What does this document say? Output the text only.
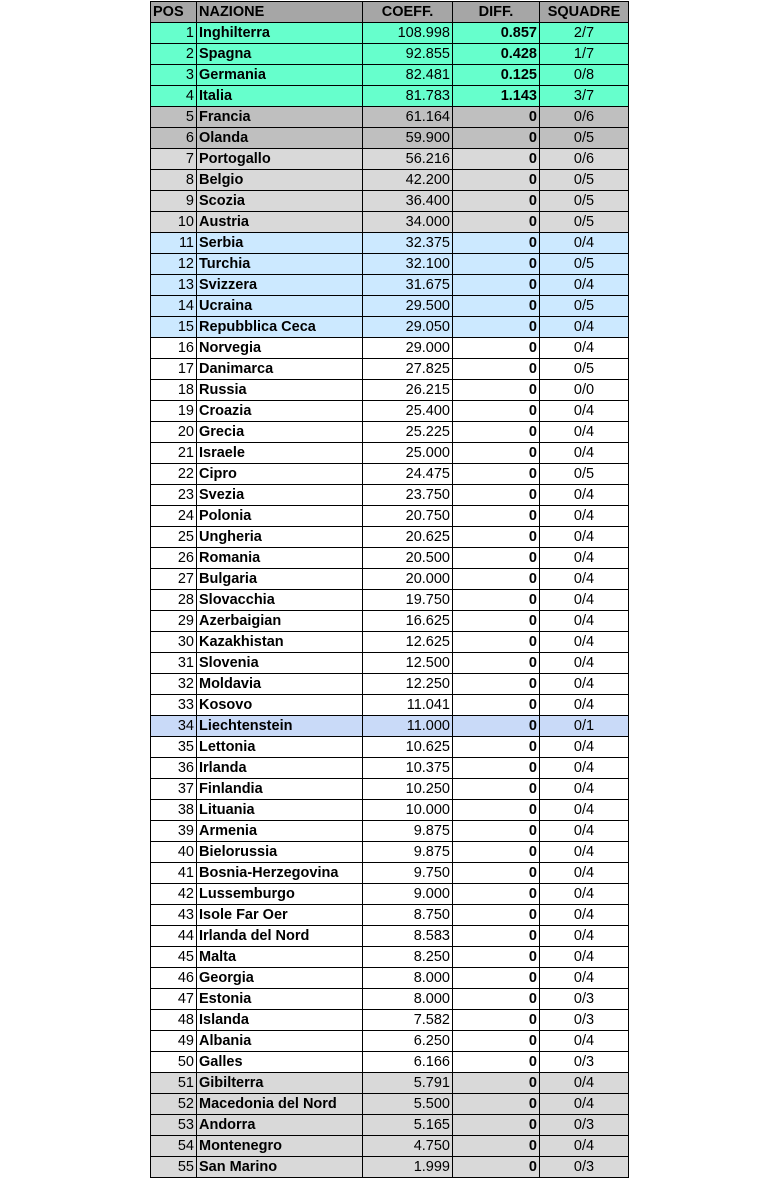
POS	NAZIONE	COEFF.	DIFF.	SQUADRE
1	Inghilterra	108.998	0.857	2/7
2	Spagna	92.855	0.428	1/7
3	Germania	82.481	0.125	0/8
4	Italia	81.783	1.143	3/7
5	Francia	61.164	0	0/6
6	Olanda	59.900	0	0/5
7	Portogallo	56.216	0	0/6
8	Belgio	42.200	0	0/5
9	Scozia	36.400	0	0/5
10	Austria	34.000	0	0/5
11	Serbia	32.375	0	0/4
12	Turchia	32.100	0	0/5
13	Svizzera	31.675	0	0/4
14	Ucraina	29.500	0	0/5
15	Repubblica Ceca	29.050	0	0/4
16	Norvegia	29.000	0	0/4
17	Danimarca	27.825	0	0/5
18	Russia	26.215	0	0/0
19	Croazia	25.400	0	0/4
20	Grecia	25.225	0	0/4
21	Israele	25.000	0	0/4
22	Cipro	24.475	0	0/5
23	Svezia	23.750	0	0/4
24	Polonia	20.750	0	0/4
25	Ungheria	20.625	0	0/4
26	Romania	20.500	0	0/4
27	Bulgaria	20.000	0	0/4
28	Slovacchia	19.750	0	0/4
29	Azerbaigian	16.625	0	0/4
30	Kazakhistan	12.625	0	0/4
31	Slovenia	12.500	0	0/4
32	Moldavia	12.250	0	0/4
33	Kosovo	11.041	0	0/4
34	Liechtenstein	11.000	0	0/1
35	Lettonia	10.625	0	0/4
36	Irlanda	10.375	0	0/4
37	Finlandia	10.250	0	0/4
38	Lituania	10.000	0	0/4
39	Armenia	9.875	0	0/4
40	Bielorussia	9.875	0	0/4
41	Bosnia-Herzegovina	9.750	0	0/4
42	Lussemburgo	9.000	0	0/4
43	Isole Far Oer	8.750	0	0/4
44	Irlanda del Nord	8.583	0	0/4
45	Malta	8.250	0	0/4
46	Georgia	8.000	0	0/4
47	Estonia	8.000	0	0/3
48	Islanda	7.582	0	0/3
49	Albania	6.250	0	0/4
50	Galles	6.166	0	0/3
51	Gibilterra	5.791	0	0/4
52	Macedonia del Nord	5.500	0	0/4
53	Andorra	5.165	0	0/3
54	Montenegro	4.750	0	0/4
55	San Marino	1.999	0	0/3
